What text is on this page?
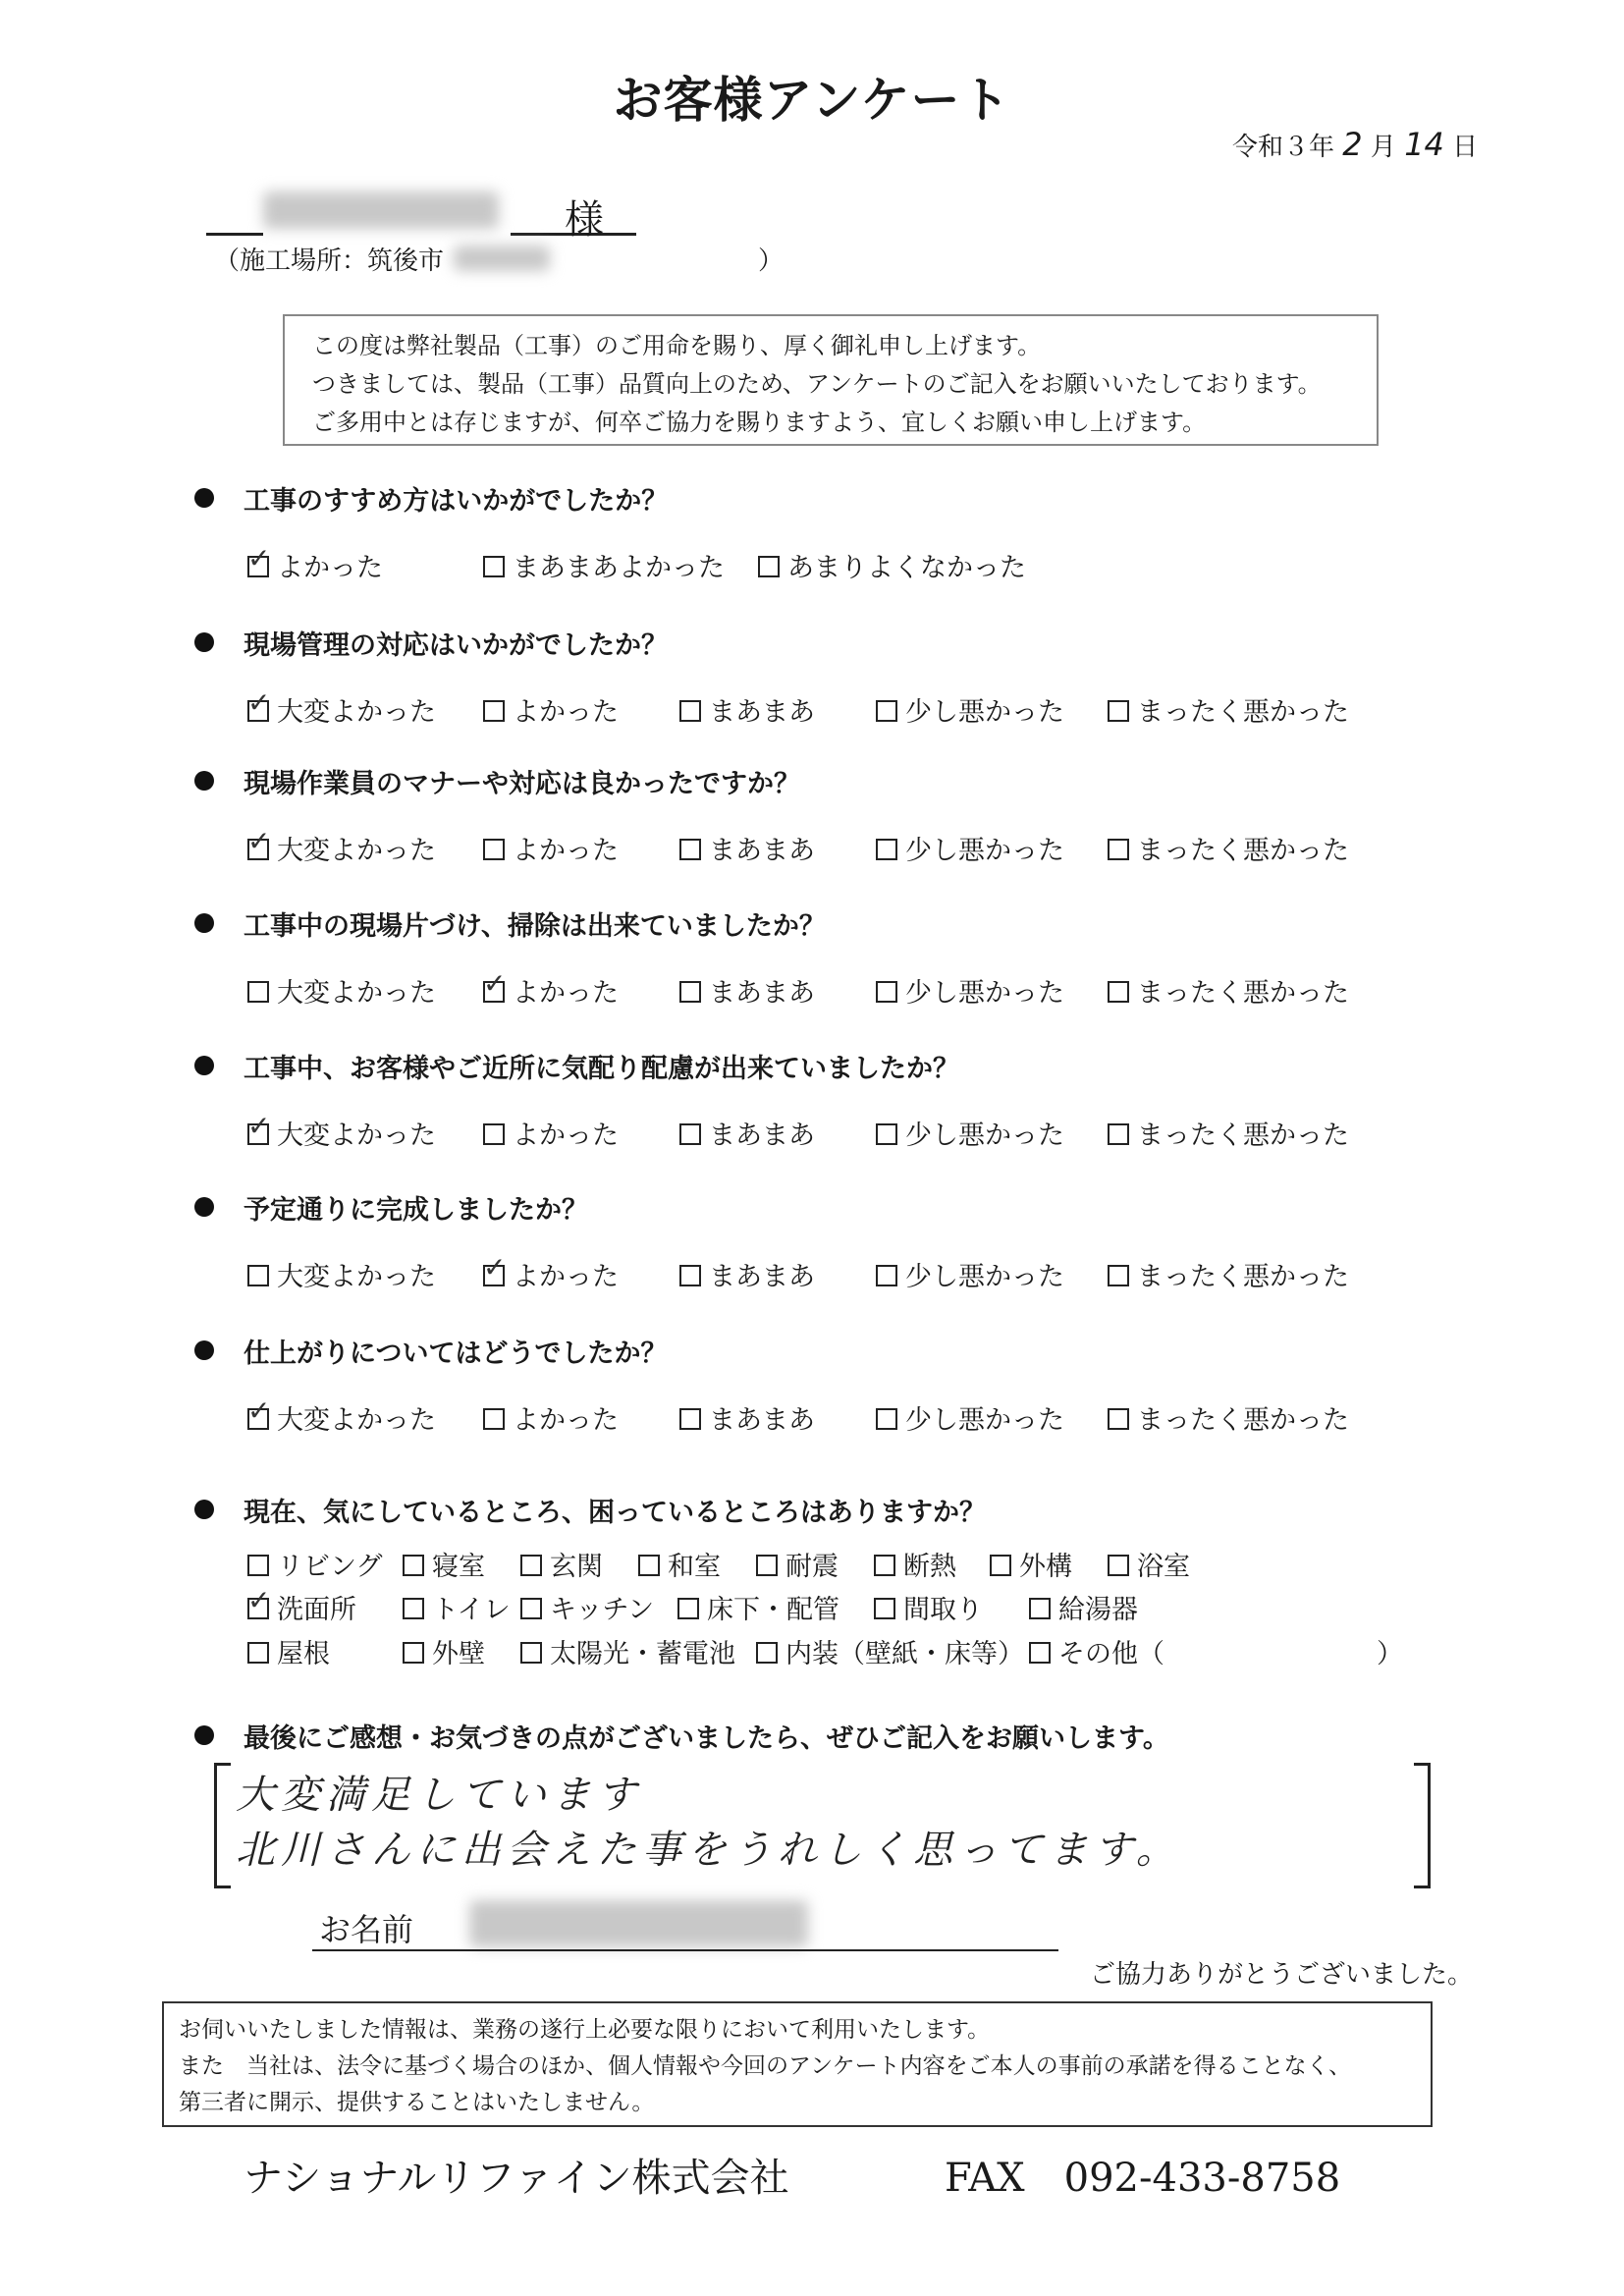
お客様アンケート
令和３年 2 月 14 日
様
（施工場所：筑後市	）

この度は弊社製品（工事）のご用命を賜り、厚く御礼申し上げます。

つきましては、製品（工事）品質向上のため、アンケートのご記入をお願いいたしております。

ご多用中とは存じますが、何卒ご協力を賜りますよう、宜しくお願い申し上げます。

工事のすすめ方はいかがでしたか？
✓よかった	まあまあよかった	あまりよくなかった
現場管理の対応はいかがでしたか？
✓大変よかった	よかった	まあまあ	少し悪かった	まったく悪かった
現場作業員のマナーや対応は良かったですか？
✓大変よかった	よかった	まあまあ	少し悪かった	まったく悪かった
工事中の現場片づけ、掃除は出来ていましたか？
大変よかった ✓	よかった	まあまあ	少し悪かった	まったく悪かった
工事中、お客様やご近所に気配り配慮が出来ていましたか？
✓大変よかった	よかった	まあまあ	少し悪かった	まったく悪かった
予定通りに完成しましたか？
大変よかった ✓	よかった	まあまあ	少し悪かった	まったく悪かった
仕上がりについてはどうでしたか？
✓大変よかった	よかった	まあまあ	少し悪かった	まったく悪かった
現在、気にしているところ、困っているところはありますか？
リビング	寝室	玄関	和室	耐震	断熱	外構	浴室
✓洗面所	トイレ	キッチン	床下・配管	間取り	給湯器
屋根	外壁	太陽光・蓄電池	内装（壁紙・床等）	その他（	）
最後にご感想・お気づきの点がございましたら、ぜひご記入をお願いします。
大変満足しています
北川さんに出会えた事をうれしく思ってます。
お名前
ご協力ありがとうございました。

お伺いいたしました情報は、業務の遂行上必要な限りにおいて利用いたします。

また　当社は、法令に基づく場合のほか、個人情報や今回のアンケート内容をご本人の事前の承諾を得ることなく、

第三者に開示、提供することはいたしません。

ナショナルリファイン株式会社	FAX　092-433-8758
